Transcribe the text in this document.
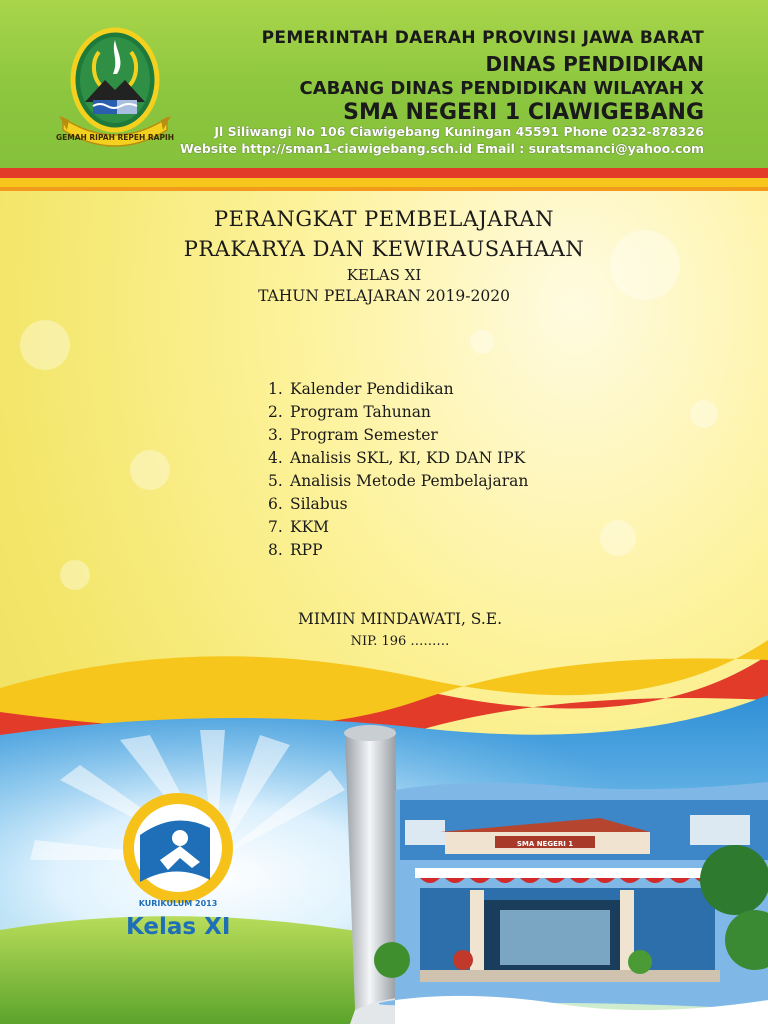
GEMAH RIPAH REPEH RAPIH
PEMERINTAH DAERAH PROVINSI JAWA BARAT
DINAS PENDIDIKAN
CABANG DINAS PENDIDIKAN WILAYAH X
SMA NEGERI 1 CIAWIGEBANG
Jl Siliwangi No 106 Ciawigebang Kuningan 45591 Phone 0232-878326
Website http://sman1-ciawigebang.sch.id Email : suratsmanci@yahoo.com
PERANGKAT PEMBELAJARAN
PRAKARYA DAN KEWIRAUSAHAAN
KELAS XI
TAHUN PELAJARAN 2019-2020
1. Kalender Pendidikan
2. Program Tahunan
3. Program Semester
4. Analisis SKL, KI, KD DAN IPK
5. Analisis Metode Pembelajaran
6. Silabus
7. KKM
8. RPP
MIMIN MINDAWATI, S.E.
NIP. 196 ………
KURIKULUM 2013
SMA NEGERI 1
Kelas XI
